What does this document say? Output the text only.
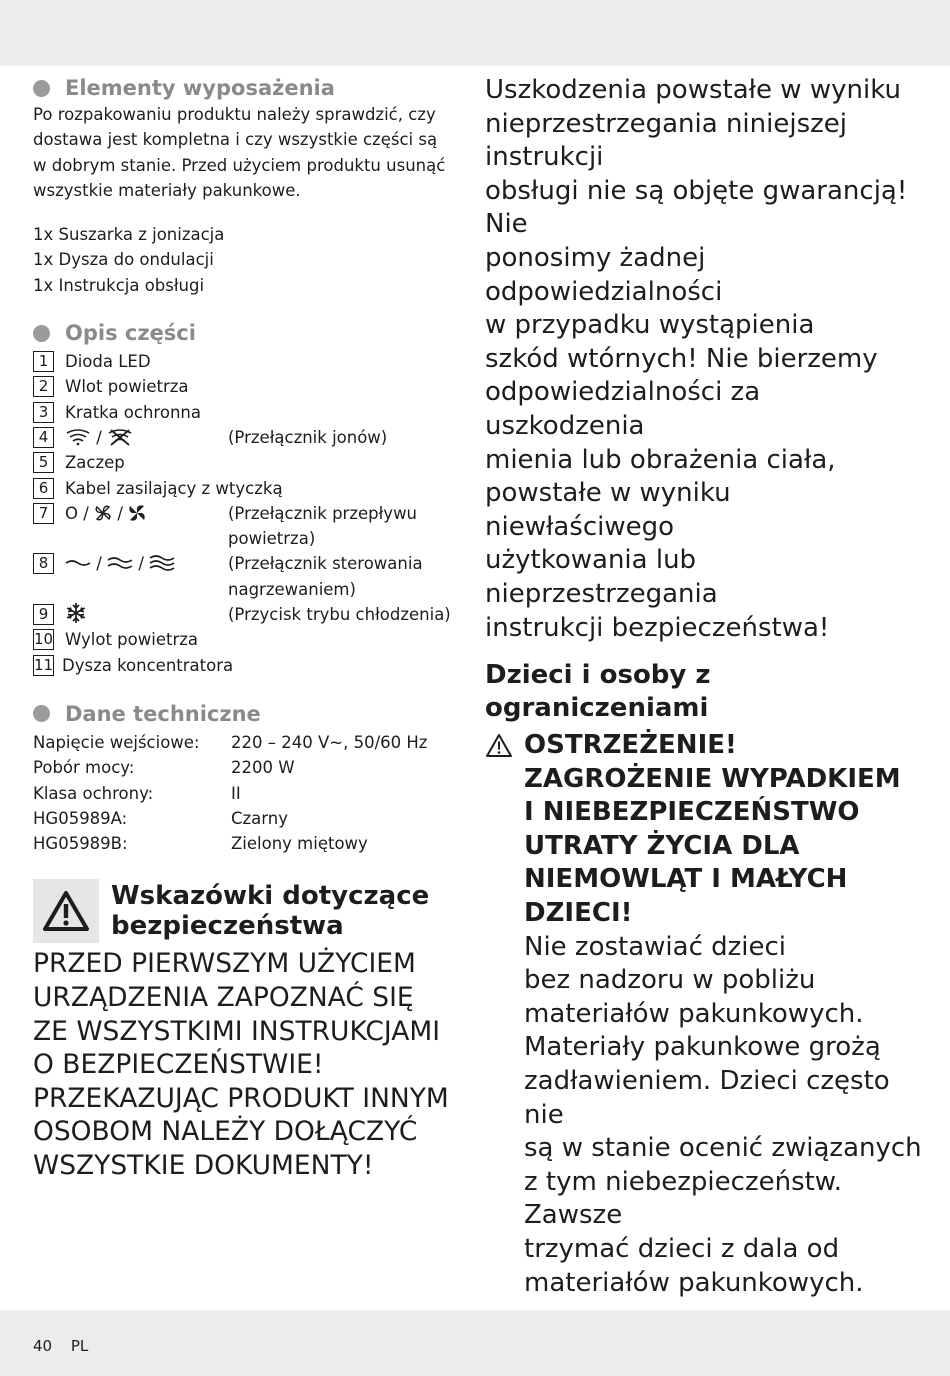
Elementy wyposażenia

Po rozpakowaniu produktu należy sprawdzić, czy

dostawa jest kompletna i czy wszystkie części są

w dobrym stanie. Przed użyciem produktu usunąć

wszystkie materiały pakunkowe.

1x Suszarka z jonizacja

1x Dysza do ondulacji

1x Instrukcja obsługi

Opis części
1	Dioda LED
2	Wlot powietrza
3	Kratka ochronna
4	/	(Przełącznik jonów)
5	Zaczep
6	Kabel zasilający z wtyczką
7	O / /	(Przełącznik przepływu
powietrza)
8	/ /	(Przełącznik sterowania
nagrzewaniem)
9	(Przycisk trybu chłodzenia)
10 Wylot powietrza
11 Dysza koncentratora
Dane techniczne
Napięcie wejściowe:	220 – 240 V~, 50/60 Hz
Pobór mocy:	2200 W
Klasa ochrony:	II
HG05989A:	Czarny
HG05989B:	Zielony miętowy
Wskazówki dotyczące
bezpieczeństwa
PRZED PIERWSZYM UŻYCIEM
URZĄDZENIA ZAPOZNAĆ SIĘ
ZE WSZYSTKIMI INSTRUKCJAMI
O BEZPIECZEŃSTWIE!
PRZEKAZUJĄC PRODUKT INNYM
OSOBOM NALEŻY DOŁĄCZYĆ
WSZYSTKIE DOKUMENTY!
Uszkodzenia powstałe w wyniku
nieprzestrzegania niniejszej instrukcji
obsługi nie są objęte gwarancją! Nie
ponosimy żadnej odpowiedzialności
w przypadku wystąpienia
szkód wtórnych! Nie bierzemy
odpowiedzialności za uszkodzenia
mienia lub obrażenia ciała,
powstałe w wyniku niewłaściwego
użytkowania lub nieprzestrzegania
instrukcji bezpieczeństwa!
Dzieci i osoby z
ograniczeniami
OSTRZEŻENIE!
ZAGROŻENIE WYPADKIEM
I NIEBEZPIECZEŃSTWO
UTRATY ŻYCIA DLA
NIEMOWLĄT I MAŁYCH
DZIECI!
Nie zostawiać dzieci
bez nadzoru w pobliżu
materiałów pakunkowych.
Materiały pakunkowe grożą
zadławieniem. Dzieci często nie
są w stanie ocenić związanych
z tym niebezpieczeństw. Zawsze
trzymać dzieci z dala od
materiałów pakunkowych.
40 PL
